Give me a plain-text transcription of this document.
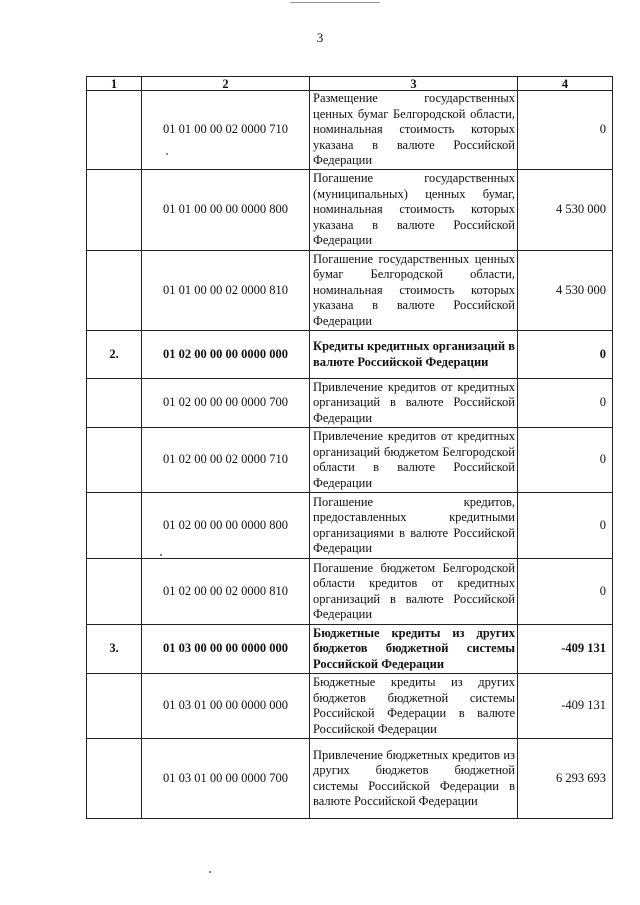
3
1	2	3	4
	01 01 00 00 02 0000 710	Размещение государственных ценных бумаг Белгородской области, номинальная стоимость которых указана в валюте Российской Федерации	0
	01 01 00 00 00 0000 800	Погашение государственных (муниципальных) ценных бумаг, номинальная стоимость которых указана в валюте Российской Федерации	4 530 000
	01 01 00 00 02 0000 810	Погашение государственных ценных бумаг Белгородской области, номинальная стоимость которых указана в валюте Российской Федерации	4 530 000
2.	01 02 00 00 00 0000 000	Кредиты кредитных организаций в валюте Российской Федерации	0
	01 02 00 00 00 0000 700	Привлечение кредитов от кредитных организаций в валюте Российской Федерации	0
	01 02 00 00 02 0000 710	Привлечение кредитов от кредитных организаций бюджетом Белгородской области в валюте Российской Федерации	0
	01 02 00 00 00 0000 800	Погашение кредитов, предоставленных кредитными организациями в валюте Российской Федерации	0
	01 02 00 00 02 0000 810	Погашение бюджетом Белгородской области кредитов от кредитных организаций в валюте Российской Федерации	0
3.	01 03 00 00 00 0000 000	Бюджетные кредиты из других бюджетов бюджетной системы Российской Федерации	-409 131
	01 03 01 00 00 0000 000	Бюджетные кредиты из других бюджетов бюджетной системы Российской Федерации в валюте Российской Федерации	-409 131
	01 03 01 00 00 0000 700	Привлечение бюджетных кредитов из других бюджетов бюджетной системы Российской Федерации в валюте Российской Федерации	6 293 693
